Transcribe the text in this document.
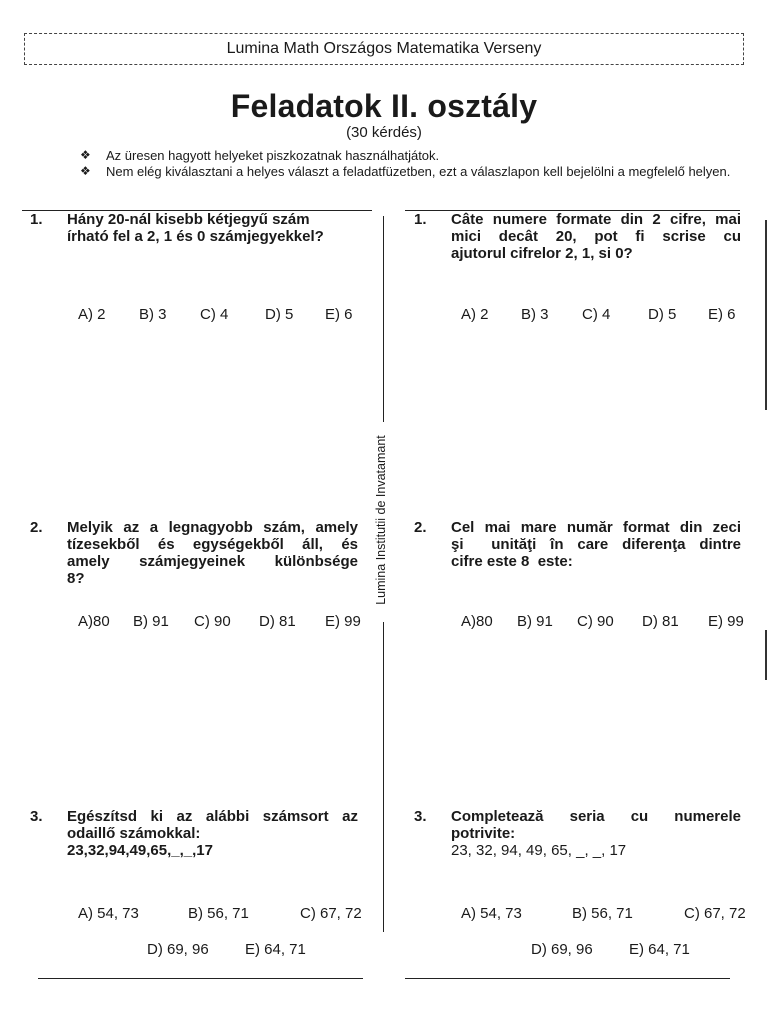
Lumina Math Országos Matematika Verseny
Feladatok II. osztály
(30 kérdés)
❖	Az üresen hagyott helyeket piszkozatnak használhatjátok.
❖	Nem elég kiválasztani a helyes választ a feladatfüzetben, ezt a válaszlapon kell bejelölni a megfelelő helyen.
Lumina Institutii de Invatamant
1. Hány 20-nál kisebb kétjegyű szám
írható fel a 2, 1 és 0 számjegyekkel?
A) 2 B) 3 C) 4 D) 5 E) 6
2. Melyik az a legnagyobb szám, amely
tízesekből és egységekből áll, és
amely számjegyeinek különbsége
8?
A)80 B) 91 C) 90 D) 81 E) 99
3. Egészítsd ki az alábbi számsort az
odaillő számokkal:
23,32,94,49,65,_,_,17
A) 54, 73	B) 56, 71	C) 67, 72
D) 69, 96 E) 64, 71
1. Câte numere formate din 2 cifre, mai
mici decât 20, pot fi scrise cu
ajutorul cifrelor 2, 1, si 0?
A) 2 B) 3 C) 4	D) 5 E) 6
2. Cel mai mare număr format din zeci
şi  unităţi în care diferenţa dintre
cifre este 8  este:
A)80 B) 91 C) 90 D) 81 E) 99
3. Completează seria cu numerele
potrivite:
23, 32, 94, 49, 65, _, _, 17
A) 54, 73	B) 56, 71	C) 67, 72
D) 69, 96 E) 64, 71
